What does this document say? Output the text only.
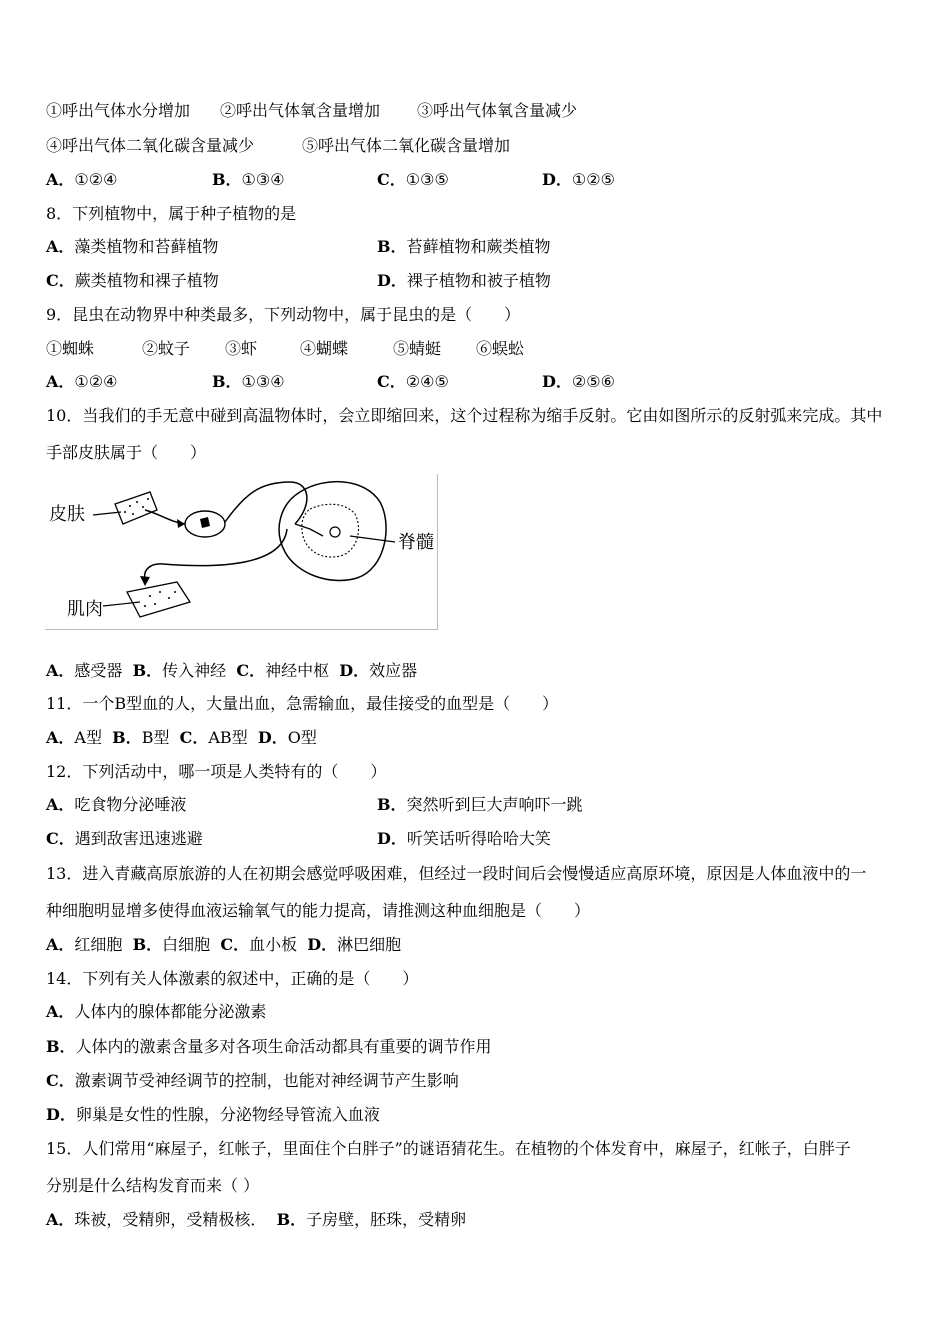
①呼出气体水分增加 ②呼出气体氧含量增加 ③呼出气体氧含量减少
④呼出气体二氧化碳含量减少	⑤呼出气体二氧化碳含量增加
A．①②④	B．①③④	C．①③⑤	D．①②⑤
8．下列植物中，属于种子植物的是
A．藻类植物和苔藓植物	B．苔藓植物和蕨类植物
C．蕨类植物和裸子植物	D．裸子植物和被子植物
9．昆虫在动物界中种类最多，下列动物中，属于昆虫的是（　　）
①蜘蛛	②蚊子 ③虾	④蝴蝶	⑤蜻蜓 ⑥蜈蚣
A．①②④	B．①③④	C．②④⑤	D．②⑤⑥
10．当我们的手无意中碰到高温物体时，会立即缩回来，这个过程称为缩手反射。它由如图所示的反射弧来完成。其中
手部皮肤属于（　　）
皮肤
肌肉
脊髓
A．感受器 B．传入神经 C．神经中枢 D．效应器
11．一个B型血的人，大量出血，急需输血，最佳接受的血型是（　　）
A．A型 B．B型 C．AB型 D．O型
12．下列活动中，哪一项是人类特有的（　　）
A．吃食物分泌唾液	B．突然听到巨大声响吓一跳
C．遇到敌害迅速逃避	D．听笑话听得哈哈大笑
13．进入青藏高原旅游的人在初期会感觉呼吸困难，但经过一段时间后会慢慢适应高原环境，原因是人体血液中的一
种细胞明显增多使得血液运输氧气的能力提高，请推测这种血细胞是（　　）
A．红细胞 B．白细胞 C．血小板 D．淋巴细胞
14．下列有关人体激素的叙述中，正确的是（　　）
A．人体内的腺体都能分泌激素
B．人体内的激素含量多对各项生命活动都具有重要的调节作用
C．激素调节受神经调节的控制，也能对神经调节产生影响
D．卵巢是女性的性腺，分泌物经导管流入血液
15．人们常用“麻屋子，红帐子，里面住个白胖子”的谜语猜花生。在植物的个体发育中，麻屋子，红帐子，白胖子
分别是什么结构发育而来（ ）
A．珠被，受精卵，受精极核． B．子房壁，胚珠，受精卵
